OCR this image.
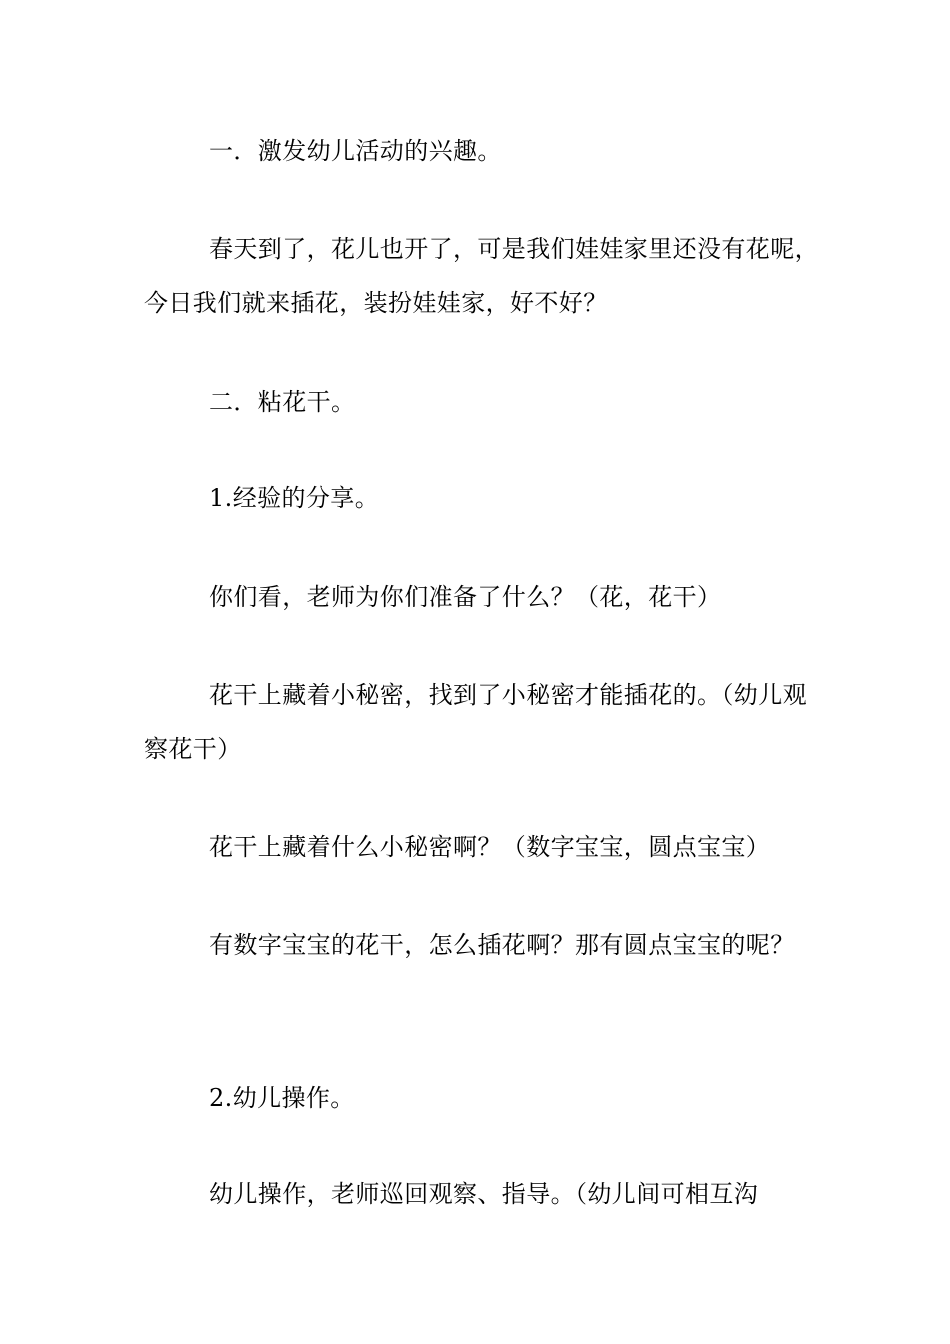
一．激发幼儿活动的兴趣。

春天到了，花儿也开了，可是我们娃娃家里还没有花呢，今日我们就来插花，装扮娃娃家，好不好？

二．粘花干。

1.经验的分享。

你们看，老师为你们准备了什么？（花，花干）

花干上藏着小秘密，找到了小秘密才能插花的。（幼儿观察花干）

花干上藏着什么小秘密啊？（数字宝宝，圆点宝宝）

有数字宝宝的花干，怎么插花啊？那有圆点宝宝的呢？

2.幼儿操作。

幼儿操作，老师巡回观察、指导。（幼儿间可相互沟
